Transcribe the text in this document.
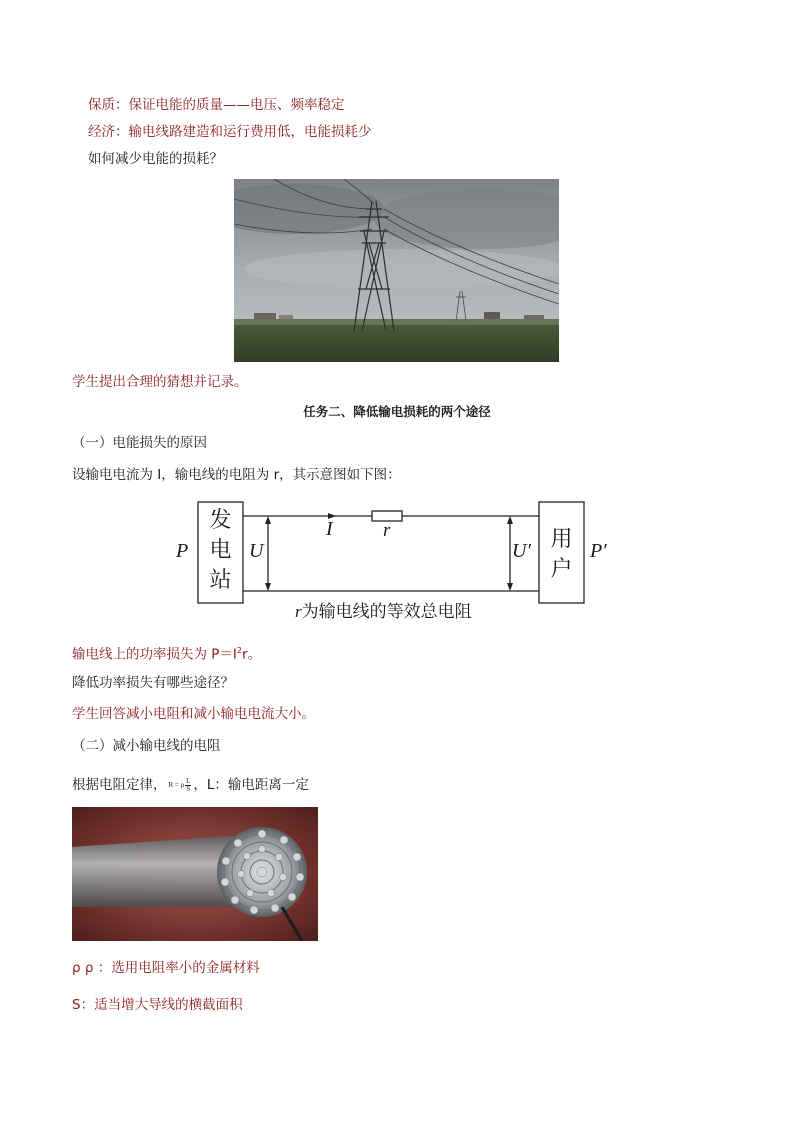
保质：保证电能的质量——电压、频率稳定
经济：输电线路建造和运行费用低，电能损耗少
如何减少电能的损耗？
学生提出合理的猜想并记录。
任务二、降低输电损耗的两个途径
（一）电能损失的原因
设输电电流为 I，输电线的电阻为 r，其示意图如下图：
发
电
站
用
户
P	U
I	r
U′	P′
r为输电线的等效总电阻
输电线上的功率损失为 $P=I^2r$。
降低功率损失有哪些途径？
学生回答减小电阻和减小输电电流大小。
（二）减小输电线的电阻
根据电阻定律， R = ρ $\frac{L}{S}$ ，L：输电距离一定
ρ ρ ：选用电阻率小的金属材料
S：适当增大导线的横截面积
